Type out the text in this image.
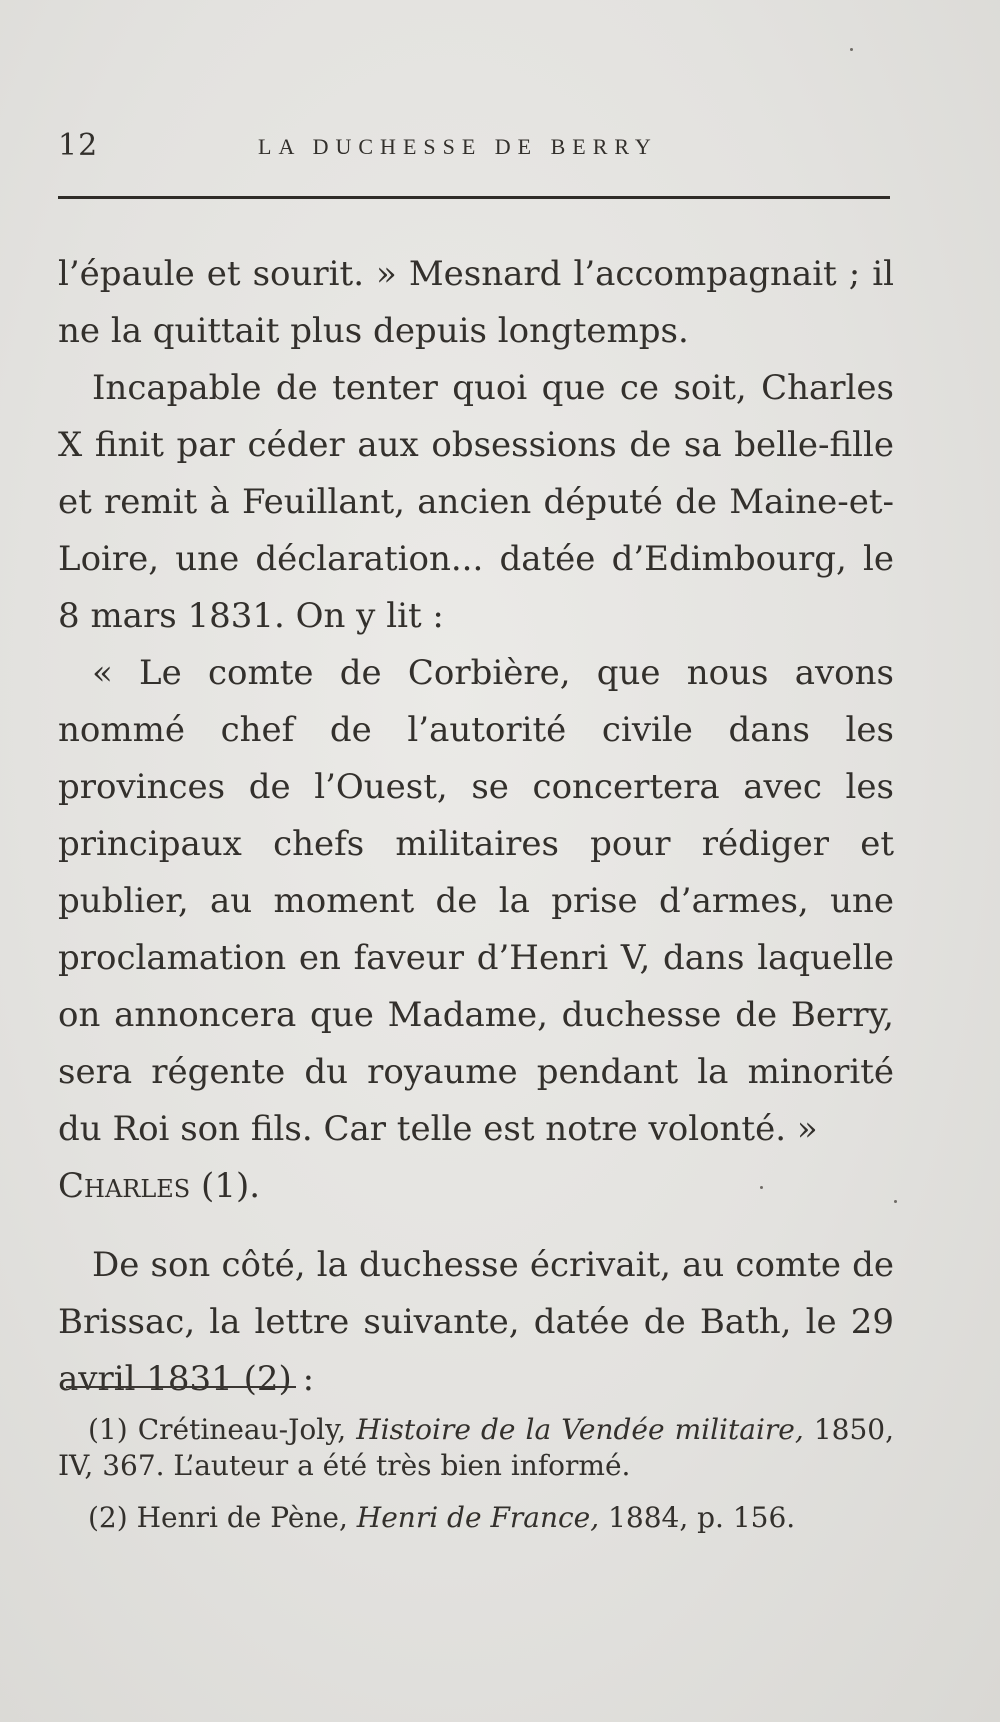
12	LA DUCHESSE DE BERRY

l’épaule et sourit. » Mesnard l’accompagnait ; il ne la quittait plus depuis longtemps.

Incapable de tenter quoi que ce soit, Charles X finit par céder aux obsessions de sa belle-fille et remit à Feuillant, ancien député de Maine-et-Loire, une déclaration... datée d’Edimbourg, le 8 mars 1831. On y lit :

« Le comte de Corbière, que nous avons nommé chef de l’autorité civile dans les provinces de l’Ouest, se concertera avec les principaux chefs militaires pour rédiger et publier, au moment de la prise d’armes, une proclamation en faveur d’Henri V, dans laquelle on annoncera que Madame, duchesse de Berry, sera régente du royaume pendant la minorité du Roi son fils. Car telle est notre volonté. »

Charles (1).

De son côté, la duchesse écrivait, au comte de Brissac, la lettre suivante, datée de Bath, le 29 avril 1831 (2) :

(1) Crétineau-Joly, Histoire de la Vendée militaire, 1850, IV, 367. L’auteur a été très bien informé.

(2) Henri de Pène, Henri de France, 1884, p. 156.
